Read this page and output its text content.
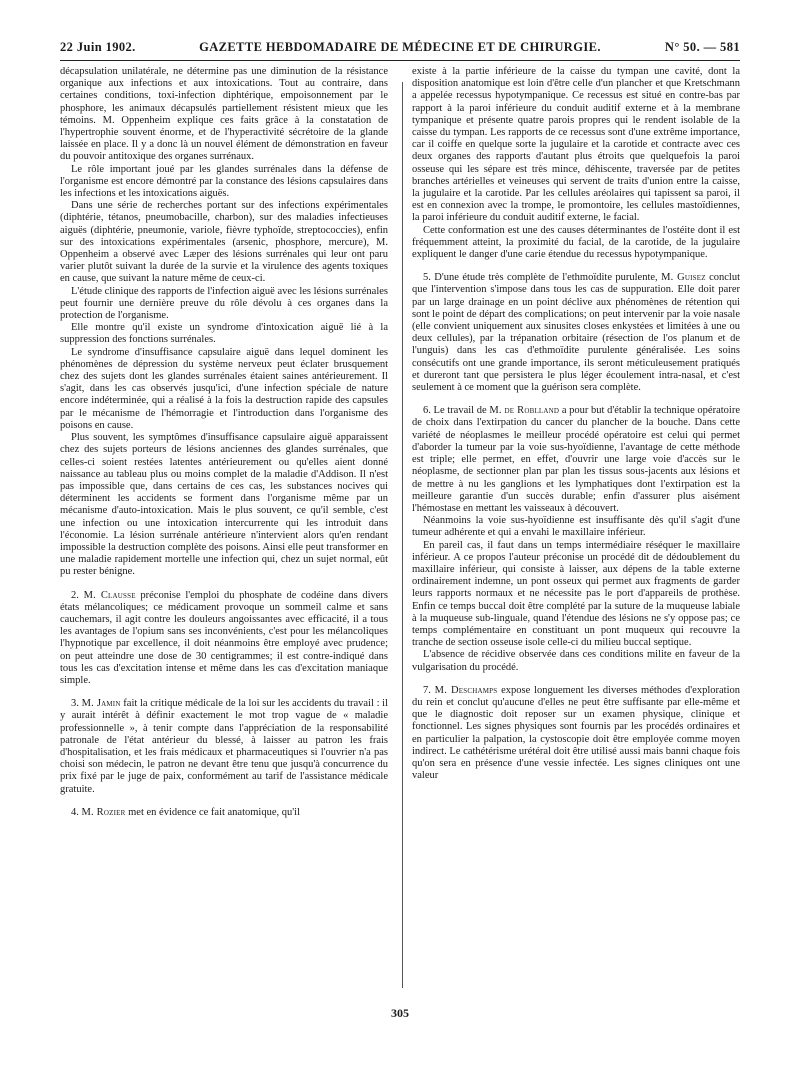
22 Juin 1902.	GAZETTE HEBDOMADAIRE DE MÉDECINE ET DE CHIRURGIE.	N° 50. — 581

décapsulation unilatérale, ne détermine pas une diminution de la résistance organique aux infections et aux intoxications. Tout au contraire, dans certaines conditions, toxi-infection diphtérique, empoisonnement par le phosphore, les animaux décapsulés partiellement résistent mieux que les témoins. M. Oppenheim explique ces faits grâce à la constatation de l'hypertrophie souvent énorme, et de l'hyperactivité sécrétoire de la glande laissée en place. Il y a donc là un nouvel élément de démonstration en faveur du pouvoir antitoxique des organes surrénaux.

Le rôle important joué par les glandes surrénales dans la défense de l'organisme est encore démontré par la constance des lésions capsulaires dans les infections et les intoxications aiguës.

Dans une série de recherches portant sur des infections expérimentales (diphtérie, tétanos, pneumobacille, charbon), sur des maladies infectieuses aiguës (diphtérie, pneumonie, variole, fièvre typhoïde, streptococcies), enfin sur des intoxications expérimentales (arsenic, phosphore, mercure), M. Oppenheim a observé avec Læper des lésions surrénales qui leur ont paru varier plutôt suivant la durée de la survie et la virulence des agents toxiques en cause, que suivant la nature même de ceux-ci.

L'étude clinique des rapports de l'infection aiguë avec les lésions surrénales peut fournir une dernière preuve du rôle dévolu à ces organes dans la protection de l'organisme.

Elle montre qu'il existe un syndrome d'intoxication aiguë lié à la suppression des fonctions surrénales.

Le syndrome d'insuffisance capsulaire aiguë dans lequel dominent les phénomènes de dépression du système nerveux peut éclater brusquement chez des sujets dont les glandes surrénales étaient saines antérieurement. Il s'agit, dans les cas observés jusqu'ici, d'une infection spéciale de nature encore indéterminée, qui a réalisé à la fois la destruction rapide des capsules par le mécanisme de l'hémorragie et l'introduction dans l'organisme des poisons en cause.

Plus souvent, les symptômes d'insuffisance capsulaire aiguë apparaissent chez des sujets porteurs de lésions anciennes des glandes surrénales, que celles-ci soient restées latentes antérieurement ou qu'elles aient donné naissance au tableau plus ou moins complet de la maladie d'Addison. Il n'est pas impossible que, dans certains de ces cas, les substances nocives qui déterminent les accidents se forment dans l'organisme même par un mécanisme d'auto-intoxication. Mais le plus souvent, ce qu'il semble, c'est une infection ou une intoxication intercurrente qui les introduit dans l'économie. La lésion surrénale antérieure n'intervient alors qu'en rendant impossible la destruction complète des poisons. Ainsi elle peut transformer en une maladie rapidement mortelle une infection qui, chez un sujet normal, eût pu rester bénigne.

2. M. Clausse préconise l'emploi du phosphate de codéine dans divers états mélancoliques; ce médicament provoque un sommeil calme et sans cauchemars, il agit contre les douleurs angoissantes avec efficacité, il a tous les avantages de l'opium sans ses inconvénients, c'est pour les mélancoliques l'hypnotique par excellence, il doit néanmoins être employé avec prudence; on peut atteindre une dose de 30 centigrammes; il est contre-indiqué dans tous les cas d'excitation intense et même dans les cas d'excitation maniaque simple.

3. M. Jamin fait la critique médicale de la loi sur les accidents du travail : il y aurait intérêt à définir exactement le mot trop vague de « maladie professionnelle », à tenir compte dans l'appréciation de la responsabilité patronale de l'état antérieur du blessé, à laisser au patron les frais d'hospitalisation, et les frais médicaux et pharmaceutiques si l'ouvrier n'a pas choisi son médecin, le patron ne devant être tenu que jusqu'à concurrence du prix fixé par le juge de paix, conformément au tarif de l'assistance médicale gratuite.

4. M. Rozier met en évidence ce fait anatomique, qu'il

existe à la partie inférieure de la caisse du tympan une cavité, dont la disposition anatomique est loin d'être celle d'un plancher et que Kretschmann a appelée recessus hypotympanique. Ce recessus est situé en contre-bas par rapport à la paroi inférieure du conduit auditif externe et à la membrane tympanique et présente quatre parois propres qui le rendent isolable de la caisse du tympan. Les rapports de ce recessus sont d'une extrême importance, car il coiffe en quelque sorte la jugulaire et la carotide et contracte avec ces deux organes des rapports d'autant plus étroits que quelquefois la paroi osseuse qui les sépare est très mince, déhiscente, traversée par de petites branches artérielles et veineuses qui servent de traits d'union entre la caisse, la jugulaire et la carotide. Par les cellules aréolaires qui tapissent sa paroi, il est en connexion avec la trompe, le promontoire, les cellules mastoïdiennes, la paroi inférieure du conduit auditif externe, le facial.

Cette conformation est une des causes déterminantes de l'ostéite dont il est fréquemment atteint, la proximité du facial, de la carotide, de la jugulaire expliquent le danger d'une carie étendue du recessus hypotympanique.

5. D'une étude très complète de l'ethmoïdite purulente, M. Guisez conclut que l'intervention s'impose dans tous les cas de suppuration. Elle doit parer par un large drainage en un point déclive aux phénomènes de rétention qui sont le point de départ des complications; on peut intervenir par la voie nasale (elle convient uniquement aux sinusites closes enkystées et limitées à une ou deux cellules), par la trépanation orbitaire (résection de l'os planum et de l'unguis) dans les cas d'ethmoïdite purulente généralisée. Les soins consécutifs ont une grande importance, ils seront méticuleusement pratiqués et dureront tant que persistera le plus léger écoulement intra-nasal, et c'est seulement à ce moment que la guérison sera complète.

6. Le travail de M. de Roblland a pour but d'établir la technique opératoire de choix dans l'extirpation du cancer du plancher de la bouche. Dans cette variété de néoplasmes le meilleur procédé opératoire est celui qui permet d'aborder la tumeur par la voie sus-hyoïdienne, l'avantage de cette méthode est triple; elle permet, en effet, d'ouvrir une large voie d'accès sur le néoplasme, de sectionner plan par plan les tissus sous-jacents aux lésions et de mettre à nu les ganglions et les lymphatiques dont l'extirpation est la meilleure garantie d'un succès durable; enfin d'assurer plus aisément l'hémostase en mettant les vaisseaux à découvert.

Néanmoins la voie sus-hyoïdienne est insuffisante dès qu'il s'agit d'une tumeur adhérente et qui a envahi le maxillaire inférieur.

En pareil cas, il faut dans un temps intermédiaire réséquer le maxillaire inférieur. A ce propos l'auteur préconise un procédé dit de dédoublement du maxillaire inférieur, qui consiste à laisser, aux dépens de la table externe ordinairement indemne, un pont osseux qui permet aux fragments de garder leurs rapports normaux et ne nécessite pas le port d'appareils de prothèse. Enfin ce temps buccal doit être complété par la suture de la muqueuse labiale à la muqueuse sub-linguale, quand l'étendue des lésions ne s'y oppose pas; ce temps complémentaire en constituant un pont muqueux qui recouvre la tranche de section osseuse isole celle-ci du milieu buccal septique.

L'absence de récidive observée dans ces conditions milite en faveur de la vulgarisation du procédé.

7. M. Deschamps expose longuement les diverses méthodes d'exploration du rein et conclut qu'aucune d'elles ne peut être suffisante par elle-même et que le diagnostic doit reposer sur un examen physique, clinique et fonctionnel. Les signes physiques sont fournis par les procédés ordinaires et en particulier la palpation, la cystoscopie doit être employée comme moyen indirect. Le cathétérisme urétéral doit être utilisé aussi mais banni chaque fois qu'on sera en présence d'une vessie infectée. Les signes cliniques ont une valeur

305
